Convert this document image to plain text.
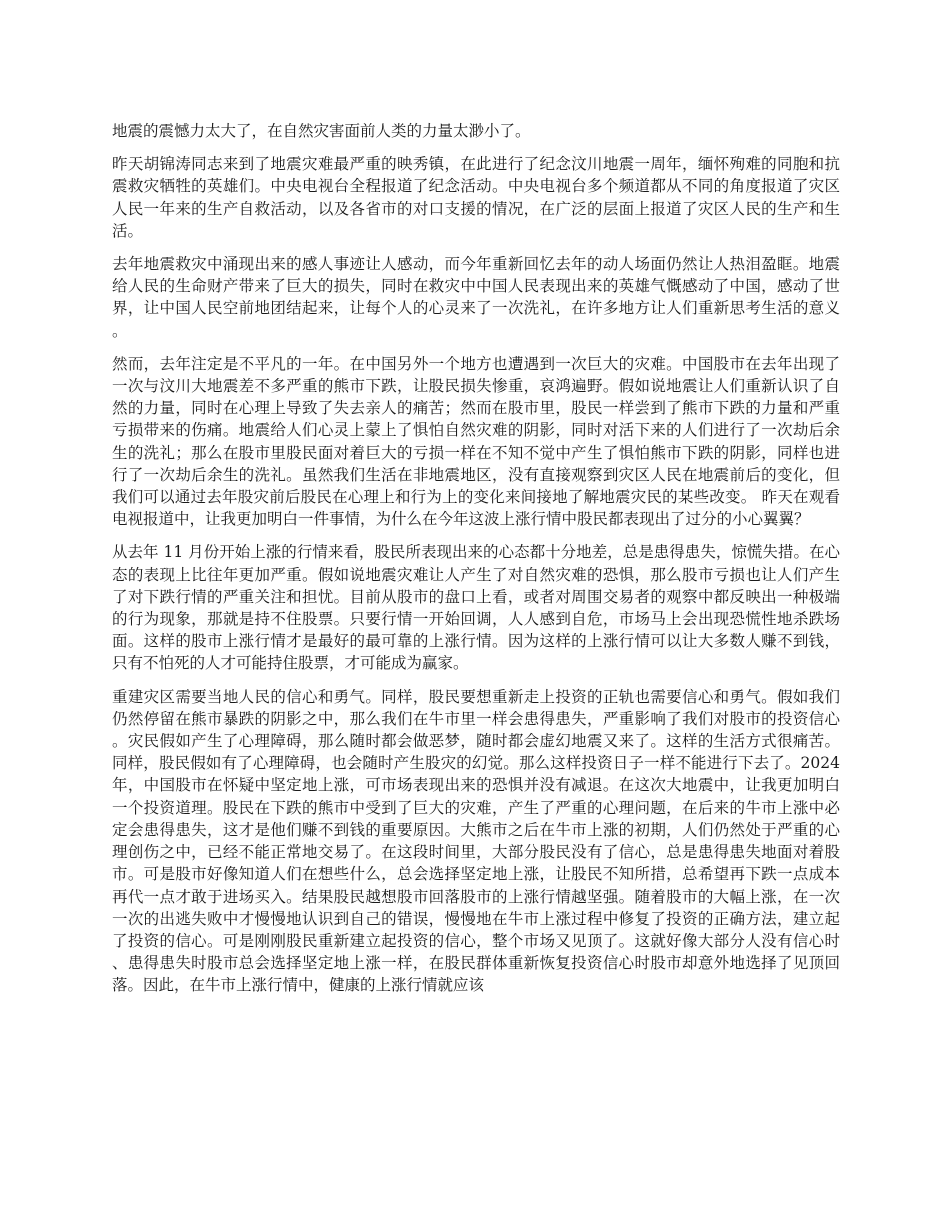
地震的震憾力太大了，在自然灾害面前人类的力量太渺小了。

昨天胡锦涛同志来到了地震灾难最严重的映秀镇，在此进行了纪念汶川地震一周年，缅怀殉难的同胞和抗震救灾牺牲的英雄们。中央电视台全程报道了纪念活动。中央电视台多个频道都从不同的角度报道了灾区人民一年来的生产自救活动，以及各省市的对口支援的情况，在广泛的层面上报道了灾区人民的生产和生活。

去年地震救灾中涌现出来的感人事迹让人感动，而今年重新回忆去年的动人场面仍然让人热泪盈眶。地震给人民的生命财产带来了巨大的损失，同时在救灾中中国人民表现出来的英雄气慨感动了中国，感动了世界，让中国人民空前地团结起来，让每个人的心灵来了一次洗礼，在许多地方让人们重新思考生活的意义。

然而，去年注定是不平凡的一年。在中国另外一个地方也遭遇到一次巨大的灾难。中国股市在去年出现了一次与汶川大地震差不多严重的熊市下跌，让股民损失惨重，哀鸿遍野。假如说地震让人们重新认识了自然的力量，同时在心理上导致了失去亲人的痛苦；然而在股市里，股民一样尝到了熊市下跌的力量和严重亏损带来的伤痛。地震给人们心灵上蒙上了惧怕自然灾难的阴影，同时对活下来的人们进行了一次劫后余生的洗礼；那么在股市里股民面对着巨大的亏损一样在不知不觉中产生了惧怕熊市下跌的阴影，同样也进行了一次劫后余生的洗礼。虽然我们生活在非地震地区，没有直接观察到灾区人民在地震前后的变化，但我们可以通过去年股灾前后股民在心理上和行为上的变化来间接地了解地震灾民的某些改变。 昨天在观看电视报道中，让我更加明白一件事情，为什么在今年这波上涨行情中股民都表现出了过分的小心翼翼？

从去年 11 月份开始上涨的行情来看，股民所表现出来的心态都十分地差，总是患得患失，惊慌失措。在心态的表现上比往年更加严重。假如说地震灾难让人产生了对自然灾难的恐惧，那么股市亏损也让人们产生了对下跌行情的严重关注和担忧。目前从股市的盘口上看，或者对周围交易者的观察中都反映出一种极端的行为现象，那就是持不住股票。只要行情一开始回调，人人感到自危，市场马上会出现恐慌性地杀跌场面。这样的股市上涨行情才是最好的最可靠的上涨行情。因为这样的上涨行情可以让大多数人赚不到钱，只有不怕死的人才可能持住股票，才可能成为赢家。

重建灾区需要当地人民的信心和勇气。同样，股民要想重新走上投资的正轨也需要信心和勇气。假如我们仍然停留在熊市暴跌的阴影之中，那么我们在牛市里一样会患得患失，严重影响了我们对股市的投资信心。灾民假如产生了心理障碍，那么随时都会做恶梦，随时都会虚幻地震又来了。这样的生活方式很痛苦。同样，股民假如有了心理障碍，也会随时产生股灾的幻觉。那么这样投资日子一样不能进行下去了。2024 年，中国股市在怀疑中坚定地上涨，可市场表现出来的恐惧并没有减退。在这次大地震中，让我更加明白一个投资道理。股民在下跌的熊市中受到了巨大的灾难，产生了严重的心理问题，在后来的牛市上涨中必定会患得患失，这才是他们赚不到钱的重要原因。大熊市之后在牛市上涨的初期，人们仍然处于严重的心理创伤之中，已经不能正常地交易了。在这段时间里，大部分股民没有了信心，总是患得患失地面对着股市。可是股市好像知道人们在想些什么，总会选择坚定地上涨，让股民不知所措，总希望再下跌一点成本再代一点才敢于进场买入。结果股民越想股市回落股市的上涨行情越坚强。随着股市的大幅上涨，在一次一次的出逃失败中才慢慢地认识到自己的错误，慢慢地在牛市上涨过程中修复了投资的正确方法，建立起了投资的信心。可是刚刚股民重新建立起投资的信心，整个市场又见顶了。这就好像大部分人没有信心时、患得患失时股市总会选择坚定地上涨一样，在股民群体重新恢复投资信心时股市却意外地选择了见顶回落。因此，在牛市上涨行情中，健康的上涨行情就应该
